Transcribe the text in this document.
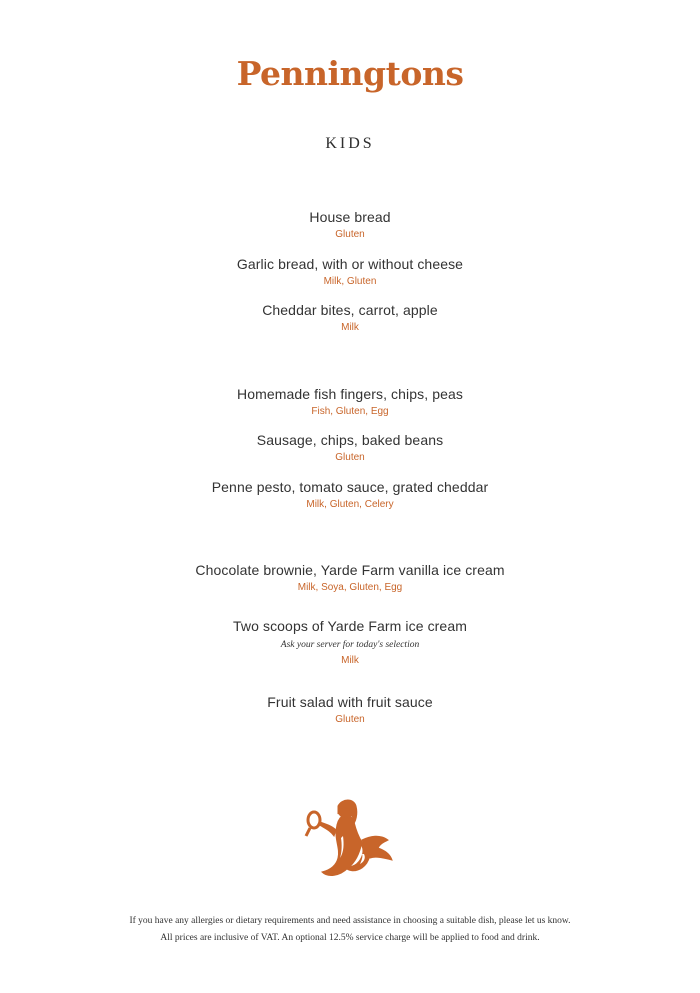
Penningtons
KIDS
House bread
Gluten
Garlic bread, with or without cheese
Milk, Gluten
Cheddar bites, carrot, apple
Milk
Homemade fish fingers, chips, peas
Fish, Gluten, Egg
Sausage, chips, baked beans
Gluten
Penne pesto, tomato sauce, grated cheddar
Milk, Gluten, Celery
Chocolate brownie, Yarde Farm vanilla ice cream
Milk, Soya, Gluten, Egg
Two scoops of Yarde Farm ice cream
Ask your server for today's selection
Milk
Fruit salad with fruit sauce
Gluten
If you have any allergies or dietary requirements and need assistance in choosing a suitable dish, please let us know.
All prices are inclusive of VAT. An optional 12.5% service charge will be applied to food and drink.
